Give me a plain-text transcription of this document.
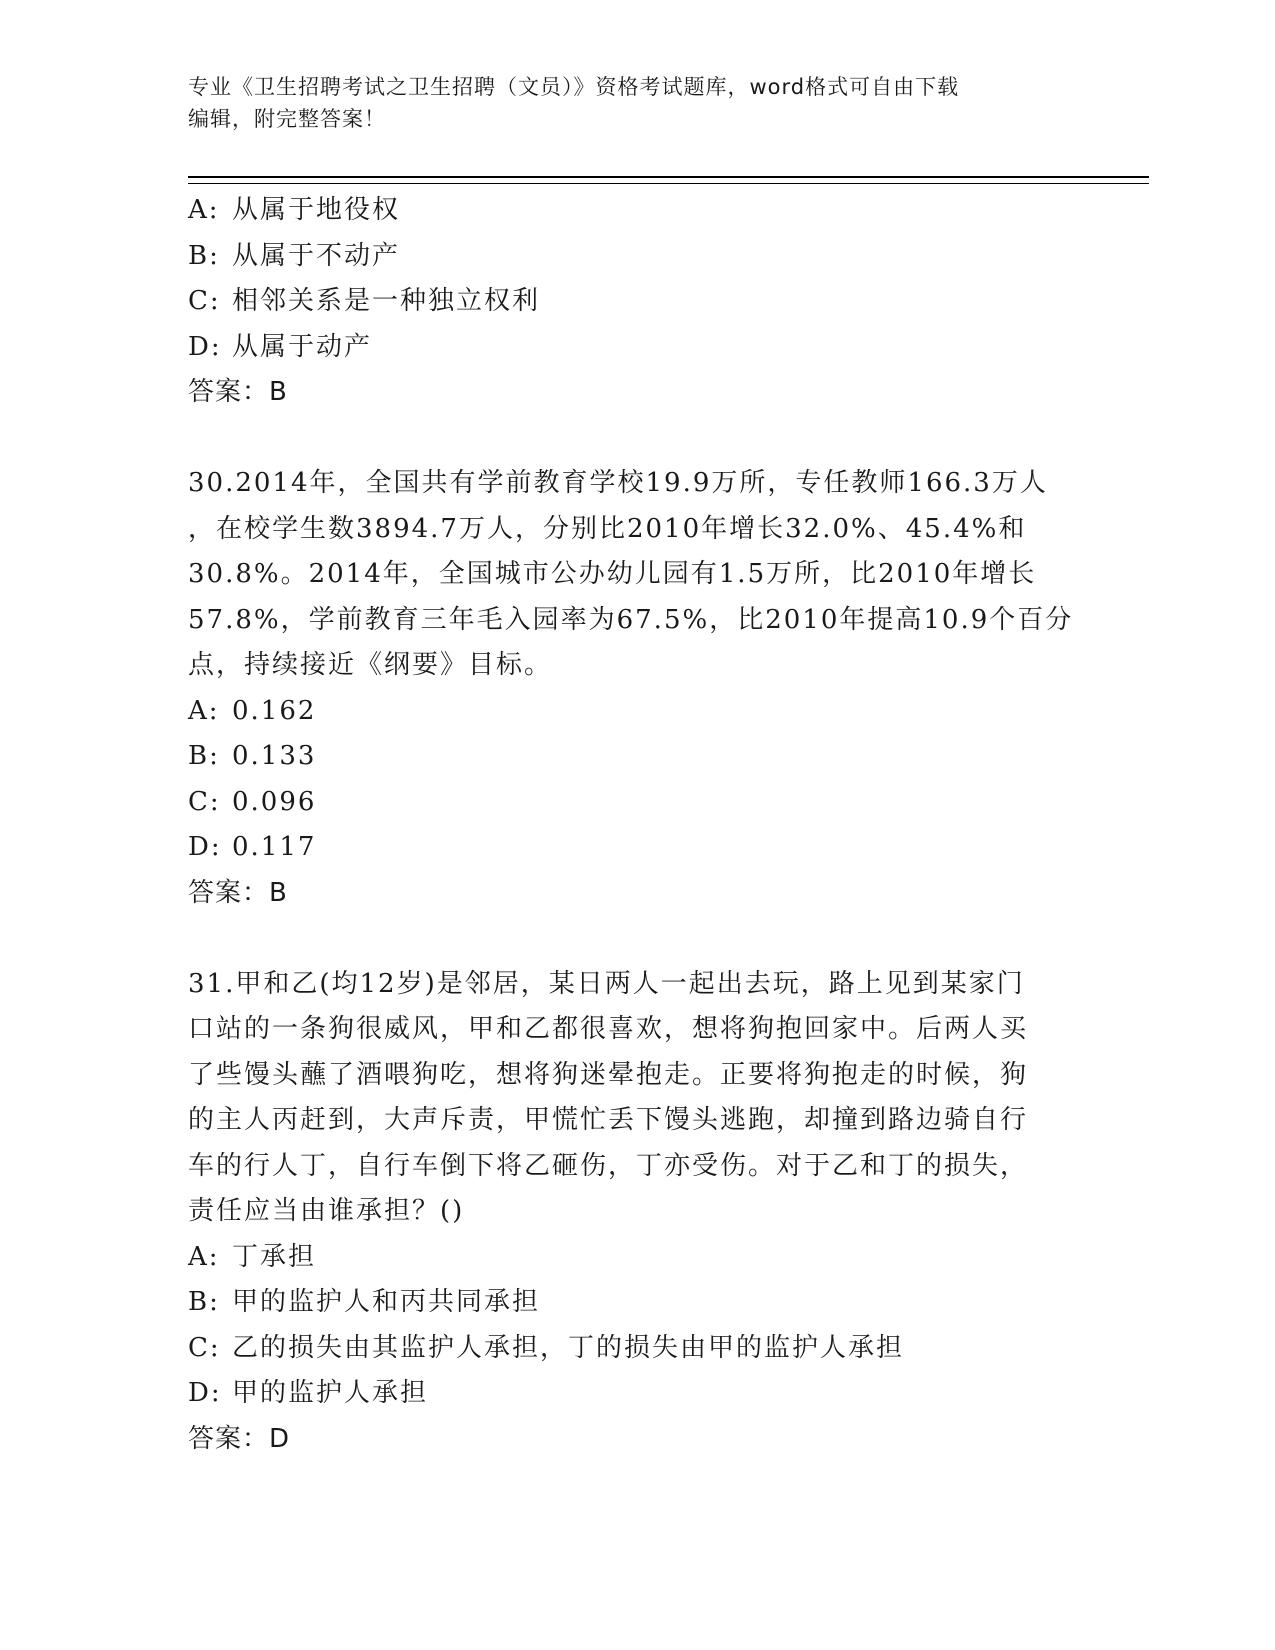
专业《卫生招聘考试之卫生招聘（文员）》资格考试题库，word格式可自由下载
编辑，附完整答案！
A: 从属于地役权
B: 从属于不动产
C: 相邻关系是一种独立权利
D: 从属于动产
答案：B
30.2014年，全国共有学前教育学校19.9万所，专任教师166.3万人
，在校学生数3894.7万人，分别比2010年增长32.0%、45.4%和
30.8%。2014年，全国城市公办幼儿园有1.5万所，比2010年增长
57.8%，学前教育三年毛入园率为67.5%，比2010年提高10.9个百分
点，持续接近《纲要》目标。
A: 0.162
B: 0.133
C: 0.096
D: 0.117
答案：B
31.甲和乙(均12岁)是邻居，某日两人一起出去玩，路上见到某家门
口站的一条狗很威风，甲和乙都很喜欢，想将狗抱回家中。后两人买
了些馒头蘸了酒喂狗吃，想将狗迷晕抱走。正要将狗抱走的时候，狗
的主人丙赶到，大声斥责，甲慌忙丢下馒头逃跑，却撞到路边骑自行
车的行人丁，自行车倒下将乙砸伤，丁亦受伤。对于乙和丁的损失，
责任应当由谁承担？()
A: 丁承担
B: 甲的监护人和丙共同承担
C: 乙的损失由其监护人承担，丁的损失由甲的监护人承担
D: 甲的监护人承担
答案：D
